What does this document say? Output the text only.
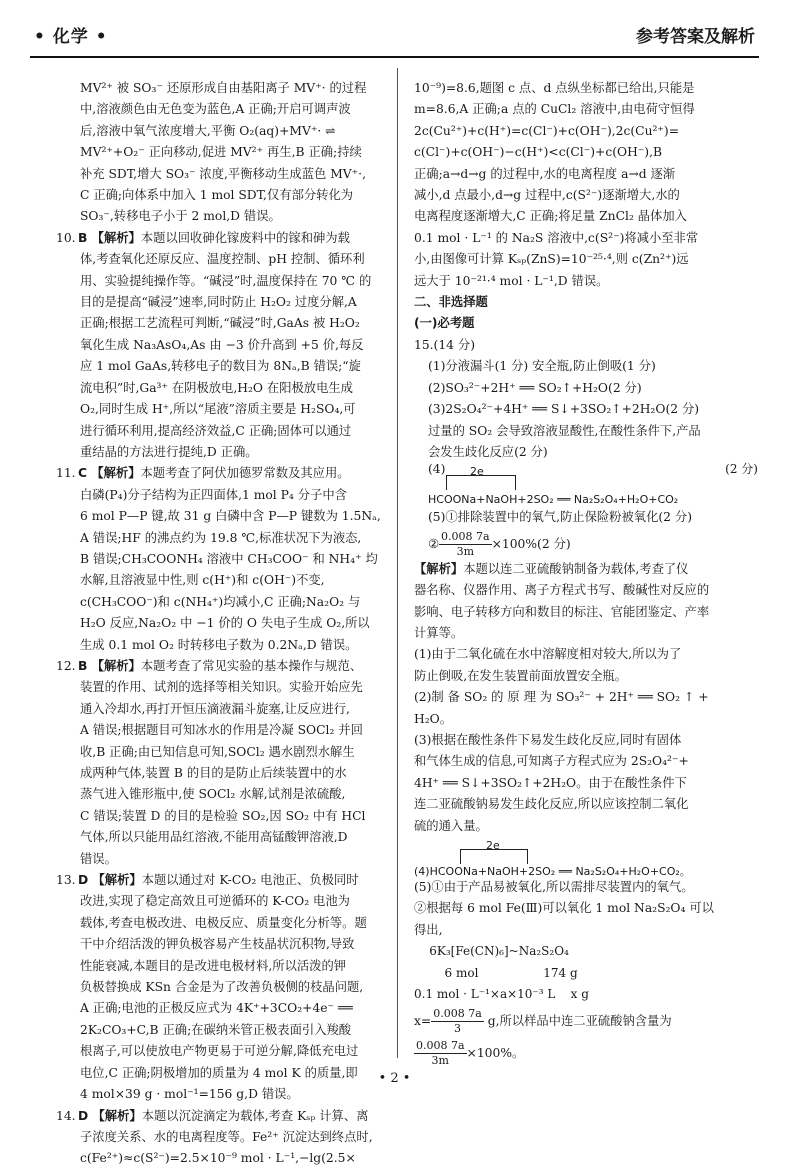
• 化学 •	参考答案及解析

MV²⁺ 被 SO₃⁻ 还原形成自由基阳离子 MV⁺· 的过程

中,溶液颜色由无色变为蓝色,A 正确;开启可调声波

后,溶液中氧气浓度增大,平衡 O₂(aq)+MV⁺· ⇌

MV²⁺+O₂⁻ 正向移动,促进 MV²⁺ 再生,B 正确;持续

补充 SDT,增大 SO₃⁻ 浓度,平衡移动生成蓝色 MV⁺·,

C 正确;向体系中加入 1 mol SDT,仅有部分转化为

SO₃⁻,转移电子小于 2 mol,D 错误。

10. B 【解析】本题以回收砷化镓废料中的镓和砷为载

体,考查氧化还原反应、温度控制、pH 控制、循环利

用、实验提纯操作等。“碱浸”时,温度保持在 70 ℃ 的

目的是提高“碱浸”速率,同时防止 H₂O₂ 过度分解,A

正确;根据工艺流程可判断,“碱浸”时,GaAs 被 H₂O₂

氧化生成 Na₃AsO₄,As 由 −3 价升高到 +5 价,每反

应 1 mol GaAs,转移电子的数目为 8Nₐ,B 错误;“旋

流电积”时,Ga³⁺ 在阴极放电,H₂O 在阳极放电生成

O₂,同时生成 H⁺,所以“尾液”溶质主要是 H₂SO₄,可

进行循环利用,提高经济效益,C 正确;固体可以通过

重结晶的方法进行提纯,D 正确。

11. C 【解析】本题考查了阿伏加德罗常数及其应用。

白磷(P₄)分子结构为正四面体,1 mol P₄ 分子中含

6 mol P—P 键,故 31 g 白磷中含 P—P 键数为 1.5Nₐ,

A 错误;HF 的沸点约为 19.8 ℃,标准状况下为液态,

B 错误;CH₃COONH₄ 溶液中 CH₃COO⁻ 和 NH₄⁺ 均

水解,且溶液显中性,则 c(H⁺)和 c(OH⁻)不变,

c(CH₃COO⁻)和 c(NH₄⁺)均减小,C 正确;Na₂O₂ 与

H₂O 反应,Na₂O₂ 中 −1 价的 O 失电子生成 O₂,所以

生成 0.1 mol O₂ 时转移电子数为 0.2Nₐ,D 错误。

12. B 【解析】本题考查了常见实验的基本操作与规范、

装置的作用、试剂的选择等相关知识。实验开始应先

通入冷却水,再打开恒压滴液漏斗旋塞,让反应进行,

A 错误;根据题目可知冰水的作用是冷凝 SOCl₂ 并回

收,B 正确;由已知信息可知,SOCl₂ 遇水剧烈水解生

成两种气体,装置 B 的目的是防止后续装置中的水

蒸气进入锥形瓶中,使 SOCl₂ 水解,试剂是浓硫酸,

C 错误;装置 D 的目的是检验 SO₂,因 SO₂ 中有 HCl

气体,所以只能用品红溶液,不能用高锰酸钾溶液,D

错误。

13. D 【解析】本题以通过对 K-CO₂ 电池正、负极同时

改进,实现了稳定高效且可逆循环的 K-CO₂ 电池为

载体,考查电极改进、电极反应、质量变化分析等。题

干中介绍活泼的钾负极容易产生枝晶状沉积物,导致

性能衰减,本题目的是改进电极材料,所以活泼的钾

负极替换成 KSn 合金是为了改善负极侧的枝晶问题,

A 正确;电池的正极反应式为 4K⁺+3CO₂+4e⁻ ══

2K₂CO₃+C,B 正确;在碳纳米管正极表面引入羧酸

根离子,可以使放电产物更易于可逆分解,降低充电过

电位,C 正确;阴极增加的质量为 4 mol K 的质量,即

4 mol×39 g · mol⁻¹=156 g,D 错误。

14. D 【解析】本题以沉淀滴定为载体,考查 Kₛₚ 计算、离

子浓度关系、水的电离程度等。Fe²⁺ 沉淀达到终点时,

c(Fe²⁺)≈c(S²⁻)=2.5×10⁻⁹ mol · L⁻¹,−lg(2.5×

10⁻⁹)=8.6,题图 c 点、d 点纵坐标都已给出,只能是

m=8.6,A 正确;a 点的 CuCl₂ 溶液中,由电荷守恒得

2c(Cu²⁺)+c(H⁺)=c(Cl⁻)+c(OH⁻),2c(Cu²⁺)=

c(Cl⁻)+c(OH⁻)−c(H⁺)<c(Cl⁻)+c(OH⁻),B

正确;a→d→g 的过程中,水的电离程度 a→d 逐渐

减小,d 点最小,d→g 过程中,c(S²⁻)逐渐增大,水的

电离程度逐渐增大,C 正确;将足量 ZnCl₂ 晶体加入

0.1 mol · L⁻¹ 的 Na₂S 溶液中,c(S²⁻)将减小至非常

小,由图像可计算 Kₛₚ(ZnS)=10⁻²⁵·⁴,则 c(Zn²⁺)远

远大于 10⁻²¹·⁴ mol · L⁻¹,D 错误。

二、非选择题

(一)必考题

15.(14 分)

(1)分液漏斗(1 分) 安全瓶,防止倒吸(1 分)

(2)SO₃²⁻+2H⁺ ══ SO₂↑+H₂O(2 分)

(3)2S₂O₄²⁻+4H⁺ ══ S↓+3SO₂↑+2H₂O(2 分)

过量的 SO₂ 会导致溶液显酸性,在酸性条件下,产品

会发生歧化反应(2 分)

(4) 2e
HCOONa+NaOH+2SO₂ ══ Na₂S₂O₄+H₂O+CO₂
(2 分)

(5)①排除装置中的氧气,防止保险粉被氧化(2 分)

② $\frac{0.008 7a}{3m} \times 100\%(2$ 分)

【解析】本题以连二亚硫酸钠制备为载体,考查了仪

器名称、仪器作用、离子方程式书写、酸碱性对反应的

影响、电子转移方向和数目的标注、官能团鉴定、产率

计算等。

(1)由于二氧化硫在水中溶解度相对较大,所以为了

防止倒吸,在发生装置前面放置安全瓶。

(2)制 备 SO₂ 的 原 理 为 SO₃²⁻ + 2H⁺ ══ SO₂ ↑ +

H₂O。

(3)根据在酸性条件下易发生歧化反应,同时有固体

和气体生成的信息,可知离子方程式应为 2S₂O₄²⁻+

4H⁺ ══ S↓+3SO₂↑+2H₂O。由于在酸性条件下

连二亚硫酸钠易发生歧化反应,所以应该控制二氧化

硫的通入量。

2e
(4)HCOONa+NaOH+2SO₂ ══ Na₂S₂O₄+H₂O+CO₂。

(5)①由于产品易被氧化,所以需排尽装置内的氧气。

②根据每 6 mol Fe(Ⅲ)可以氧化 1 mol Na₂S₂O₄ 可以

得出,

6K₃[Fe(CN)₆]~Na₂S₂O₄

6 mol                 174 g

0.1 mol · L⁻¹×a×10⁻³ L    x g

$x= \frac{0.008 7a}{3} g$,所以样品中连二亚硫酸钠含量为

$\frac{0.008 7a}{3m} \times 100\%$。

• 2 •
